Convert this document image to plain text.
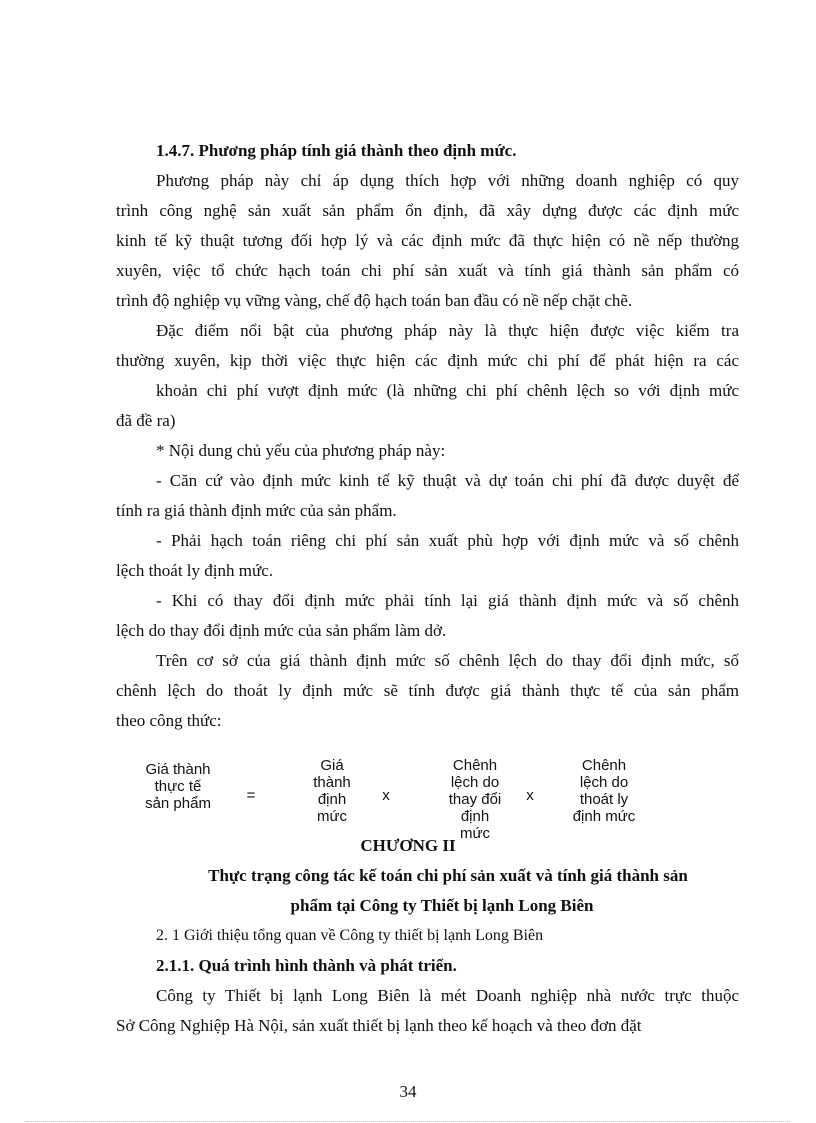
1.4.7. Phương pháp tính giá thành theo định mức.
Phương pháp này chỉ áp dụng thích hợp với những doanh nghiệp có quy
trình công nghệ sản xuất sản phẩm ổn định, đã xây dựng được các định mức
kinh tế kỹ thuật tương đối hợp lý và các định mức đã thực hiện có nề nếp thường
xuyên, việc tổ chức hạch toán chi phí sản xuất và tính giá thành sản phẩm có
trình độ nghiệp vụ vững vàng, chế độ hạch toán ban đầu có nề nếp chặt chẽ.
Đặc điểm nổi bật của phương pháp này là thực hiện được việc kiểm tra
thường xuyên, kịp thời việc thực hiện các định mức chi phí để phát hiện ra các
khoản chi phí vượt định mức (là những chi phí chênh lệch so với định mức
đã đề ra)
* Nội dung chủ yếu của phương pháp này:
- Căn cứ vào định mức kinh tế kỹ thuật và dự toán chi phí đã được duyệt để
tính ra giá thành định mức của sản phẩm.
- Phải hạch toán riêng chi phí sản xuất phù hợp với định mức và số chênh
lệch thoát ly định mức.
- Khi có thay đổi định mức phải tính lại giá thành định mức và số chênh
lệch do thay đổi định mức của sản phẩm làm dở.
Trên cơ sở của giá thành định mức số chênh lệch do thay đổi định mức, số
chênh lệch do thoát ly định mức sẽ tính được giá thành thực tế của sản phẩm
theo công thức:
Giá thành
thực tế
sản phẩm	=
Giá
thành
định
mức
x
Chênh
lệch do
thay đổi
định
mức
x
Chênh
lệch do
thoát ly
định mức
CHƯƠNG II
Thực trạng công tác kế toán chi phí sản xuất và tính giá thành sản
phẩm tại Công ty Thiết bị lạnh Long Biên
2. 1 Giới thiệu tổng quan về Công ty thiết bị lạnh Long Biên
2.1.1. Quá trình hình thành và phát triển.
Công ty Thiết bị lạnh Long Biên là mét Doanh nghiệp nhà nước trực thuộc
Sở Công Nghiệp Hà Nội, sản xuất thiết bị lạnh theo kế hoạch và theo đơn đặt
34
